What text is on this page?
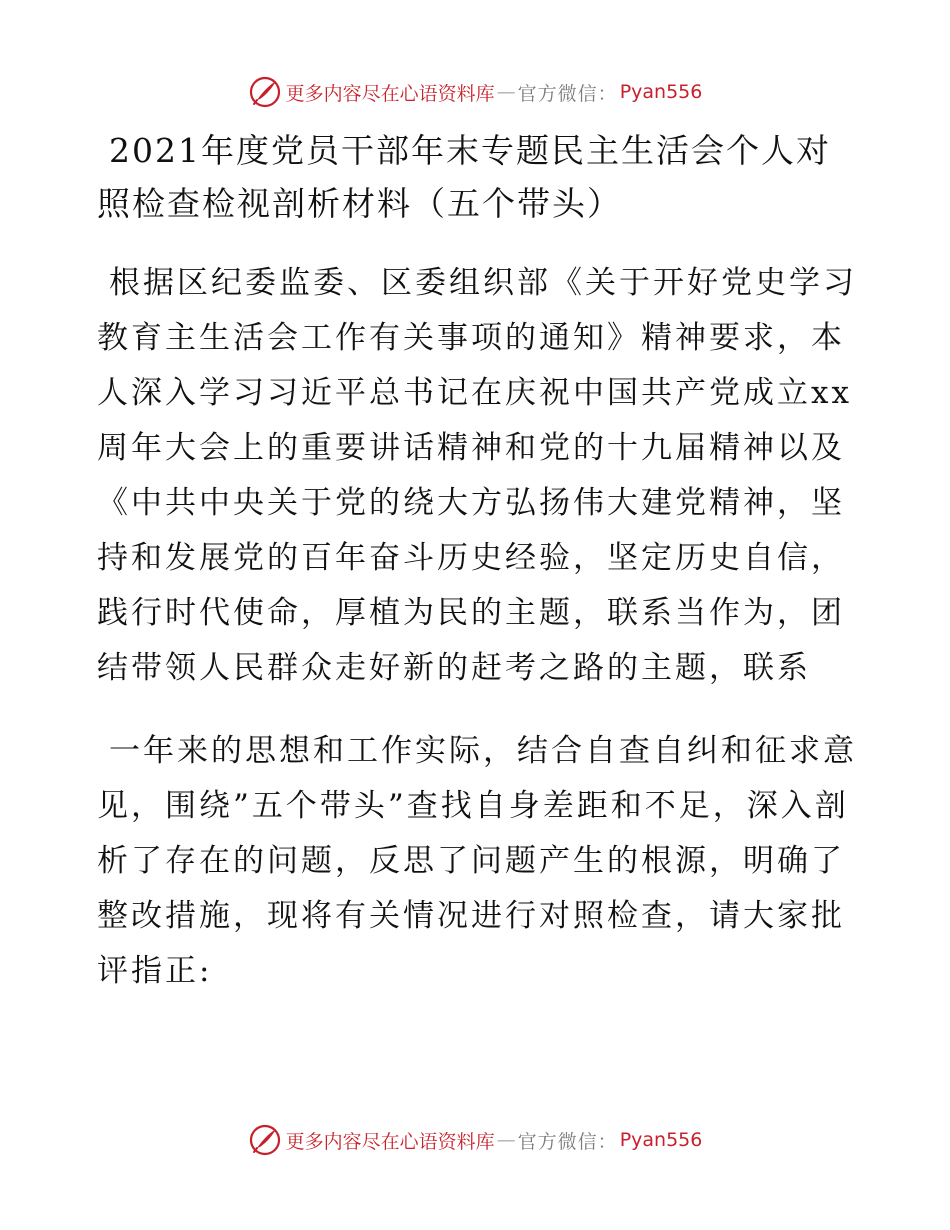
更多内容尽在心语资料库 — 官方微信： Pyan556
2021年度党员干部年末专题民主生活会个人对照检查检视剖析材料（五个带头）

根据区纪委监委、区委组织部《关于开好党史学习教育主生活会工作有关事项的通知》精神要求，本人深入学习习近平总书记在庆祝中国共产党成立xx周年大会上的重要讲话精神和党的十九届精神以及《中共中央关于党的绕大方弘扬伟大建党精神，坚持和发展党的百年奋斗历史经验，坚定历史自信，践行时代使命，厚植为民的主题，联系当作为，团结带领人民群众走好新的赶考之路的主题，联系

一年来的思想和工作实际，结合自查自纠和征求意见，围绕”五个带头”查找自身差距和不足，深入剖析了存在的问题，反思了问题产生的根源，明确了整改措施，现将有关情况进行对照检查，请大家批评指正:

更多内容尽在心语资料库 — 官方微信： Pyan556
